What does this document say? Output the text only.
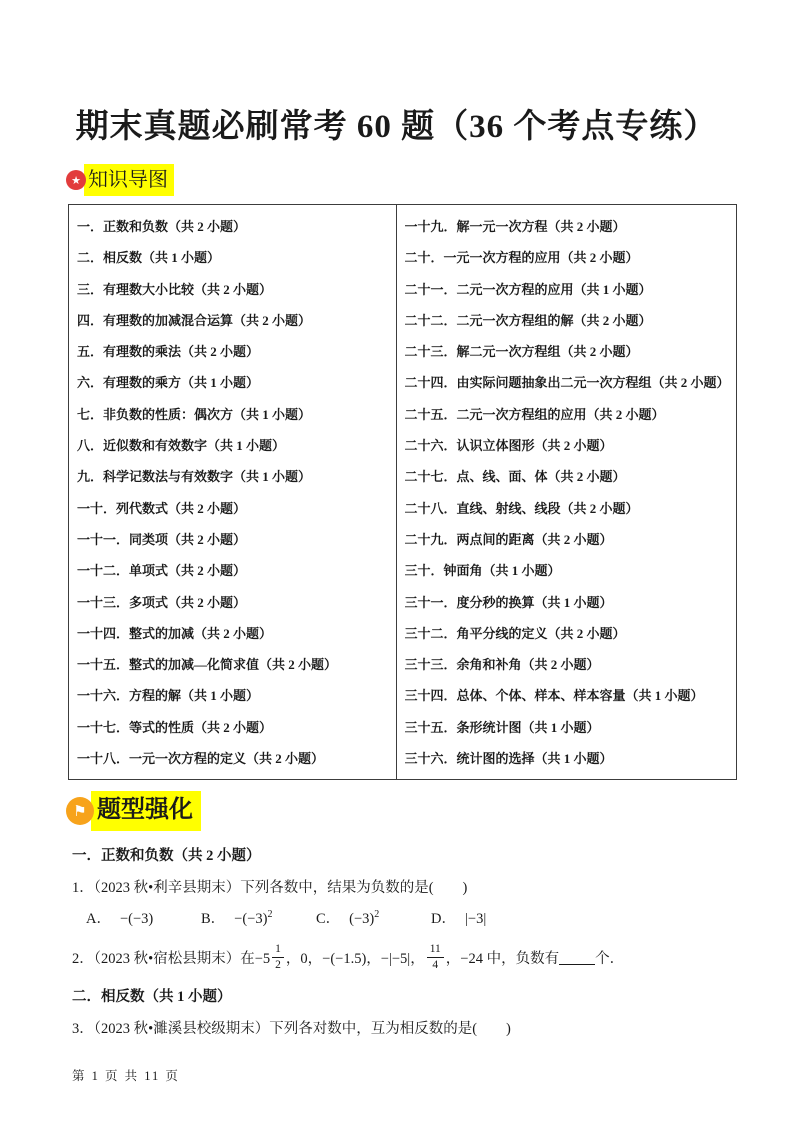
期末真题必刷常考 60 题（36 个考点专练）
★ 知识导图
一．正数和负数（共 2 小题）
二．相反数（共 1 小题）
三．有理数大小比较（共 2 小题）
四．有理数的加减混合运算（共 2 小题）
五．有理数的乘法（共 2 小题）
六．有理数的乘方（共 1 小题）
七．非负数的性质：偶次方（共 1 小题）
八．近似数和有效数字（共 1 小题）
九．科学记数法与有效数字（共 1 小题）
一十．列代数式（共 2 小题）
一十一．同类项（共 2 小题）
一十二．单项式（共 2 小题）
一十三．多项式（共 2 小题）
一十四．整式的加减（共 2 小题）
一十五．整式的加减—化简求值（共 2 小题）
一十六．方程的解（共 1 小题）
一十七．等式的性质（共 2 小题）
一十八．一元一次方程的定义（共 2 小题）
一十九．解一元一次方程（共 2 小题）
二十．一元一次方程的应用（共 2 小题）
二十一．二元一次方程的应用（共 1 小题）
二十二．二元一次方程组的解（共 2 小题）
二十三．解二元一次方程组（共 2 小题）
二十四．由实际问题抽象出二元一次方程组（共 2 小题）
二十五．二元一次方程组的应用（共 2 小题）
二十六．认识立体图形（共 2 小题）
二十七．点、线、面、体（共 2 小题）
二十八．直线、射线、线段（共 2 小题）
二十九．两点间的距离（共 2 小题）
三十．钟面角（共 1 小题）
三十一．度分秒的换算（共 1 小题）
三十二．角平分线的定义（共 2 小题）
三十三．余角和补角（共 2 小题）
三十四．总体、个体、样本、样本容量（共 1 小题）
三十五．条形统计图（共 1 小题）
三十六．统计图的选择（共 1 小题）
⚑ 题型强化
一．正数和负数（共 2 小题）
1．（2023 秋•利辛县期末）下列各数中，结果为负数的是(　　)
A． −(−3)	B． $-(-3)^2$	C． $(-3)^2$	D． |−3|
2．（2023 秋•宿松县期末）在$-5 \frac{1}{2}$ ，0，−(−1.5)，−|−5|， $\frac{11}{4}$ ，−24 中，负数有 个．
二．相反数（共 1 小题）
3．（2023 秋•濉溪县校级期末）下列各对数中，互为相反数的是(　　)
第 1 页 共 11 页
